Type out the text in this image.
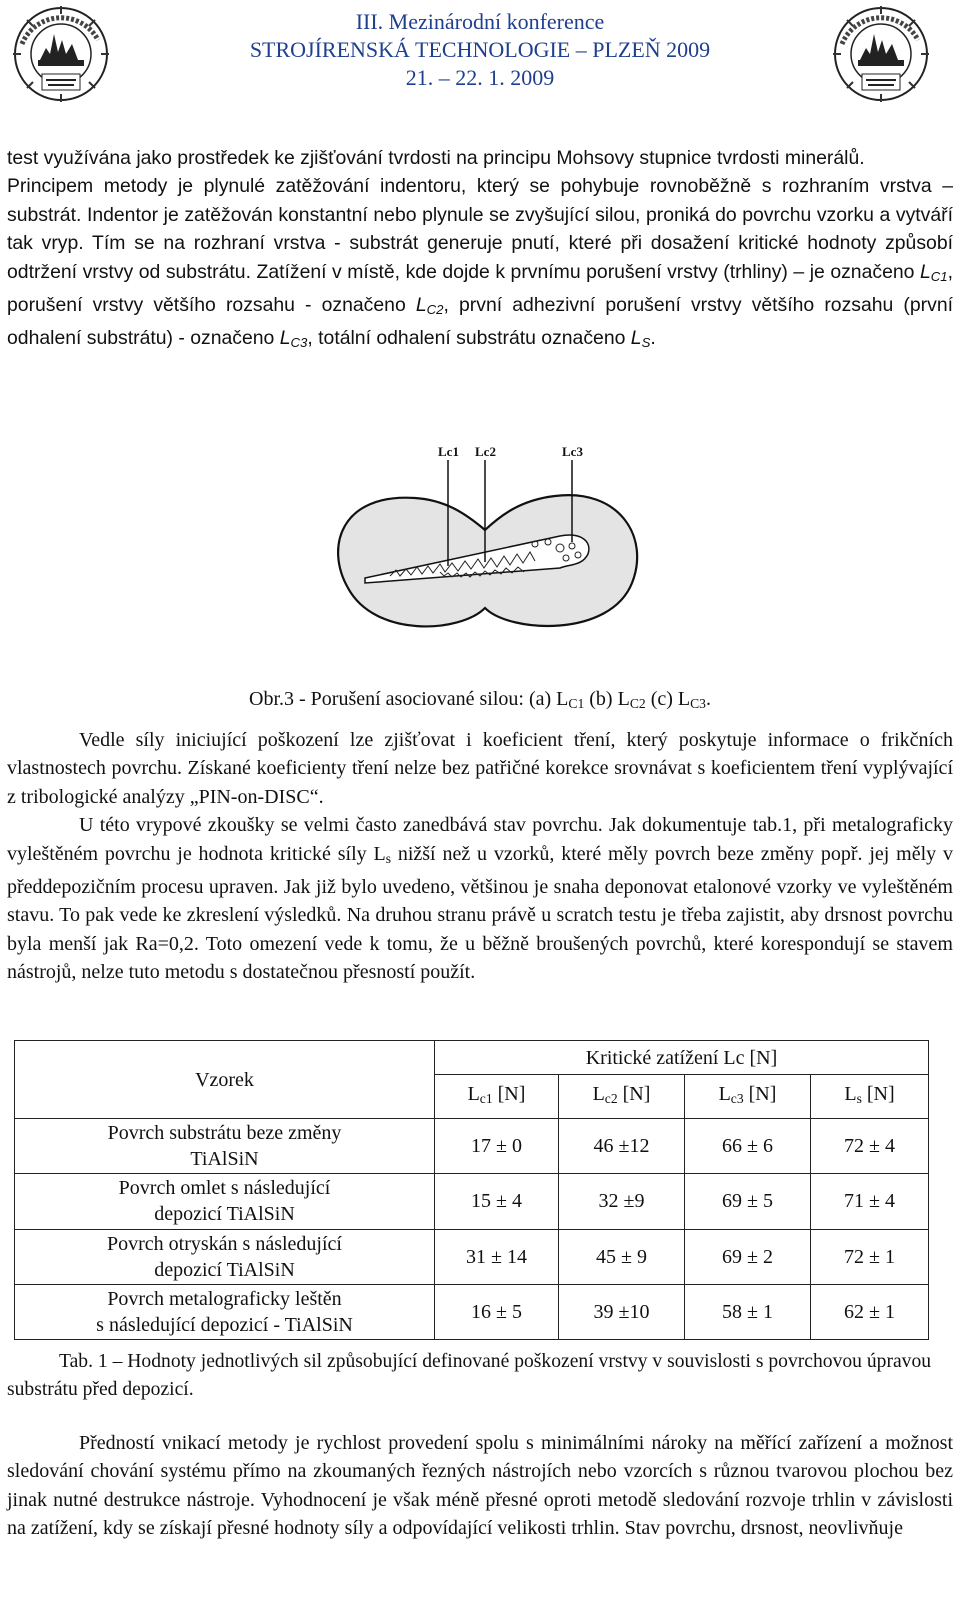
III. Mezinárodní konference
STROJÍRENSKÁ TECHNOLOGIE – PLZEŇ 2009
21. – 22. 1. 2009
test využívána jako prostředek ke zjišťování tvrdosti na principu Mohsovy stupnice tvrdosti minerálů.
Principem metody je plynulé zatěžování indentoru, který se pohybuje rovnoběžně s rozhraním vrstva – substrát. Indentor je zatěžován konstantní nebo plynule se zvyšující silou, proniká do povrchu vzorku a vytváří tak vryp. Tím se na rozhraní vrstva - substrát generuje pnutí, které při dosažení kritické hodnoty způsobí odtržení vrstvy od substrátu. Zatížení v místě, kde dojde k prvnímu porušení vrstvy (trhliny) – je označeno $L_{C1}$, porušení vrstvy většího rozsahu - označeno $L_{C2}$, první adhezivní porušení vrstvy většího rozsahu (první odhalení substrátu) - označeno $L_{C3}$, totální odhalení substrátu označeno $L_S$.
Lc1 Lc2	Lc3
Obr.3 - Porušení asociované silou: (a) $L_{C1}$ (b) $L_{C2}$ (c) $L_{C3}$.
Vedle síly iniciující poškození lze zjišťovat i koeficient tření, který poskytuje informace o frikčních vlastnostech povrchu. Získané koeficienty tření nelze bez patřičné korekce srovnávat s koeficientem tření vyplývající z tribologické analýzy „PIN-on-DISC“.
U této vrypové zkoušky se velmi často zanedbává stav povrchu. Jak dokumentuje tab.1, při metalograficky vyleštěném povrchu je hodnota kritické síly $L_s$ nižší než u vzorků, které měly povrch beze změny popř. jej měly v předdepozičním procesu upraven. Jak již bylo uvedeno, většinou je snaha deponovat etalonové vzorky ve vyleštěném stavu. To pak vede ke zkreslení výsledků. Na druhou stranu právě u scratch testu je třeba zajistit, aby drsnost povrchu byla menší jak Ra=0,2. Toto omezení vede k tomu, že u běžně broušených povrchů, které korespondují se stavem nástrojů, nelze tuto metodu s dostatečnou přesností použít.
Vzorek	Kritické zatížení Lc [N]			
	$L_{c1}$ [N]	$L_{c2}$ [N]	$L_{c3}$ [N]	$L_s$ [N]
Povrch substrátu beze změny
TiAlSiN	17 ± 0	46 ±12	66 ± 6	72 ± 4
Povrch omlet s následující
depozicí TiAlSiN	15 ± 4	32 ±9	69 ± 5	71 ± 4
Povrch otryskán s následující
depozicí TiAlSiN	31 ± 14	45 ± 9	69 ± 2	72 ± 1
Povrch metalograficky leštěn
s následující depozicí - TiAlSiN	16 ± 5	39 ±10	58 ± 1	62 ± 1
Tab. 1 – Hodnoty jednotlivých sil způsobující definované poškození vrstvy v souvislosti s povrchovou úpravou substrátu před depozicí.
Předností vnikací metody je rychlost provedení spolu s minimálními nároky na měřící zařízení a možnost sledování chování systému přímo na zkoumaných řezných nástrojích nebo vzorcích s různou tvarovou plochou bez jinak nutné destrukce nástroje. Vyhodnocení je však méně přesné oproti metodě sledování rozvoje trhlin v závislosti na zatížení, kdy se získají přesné hodnoty síly a odpovídající velikosti trhlin. Stav povrchu, drsnost, neovlivňuje
